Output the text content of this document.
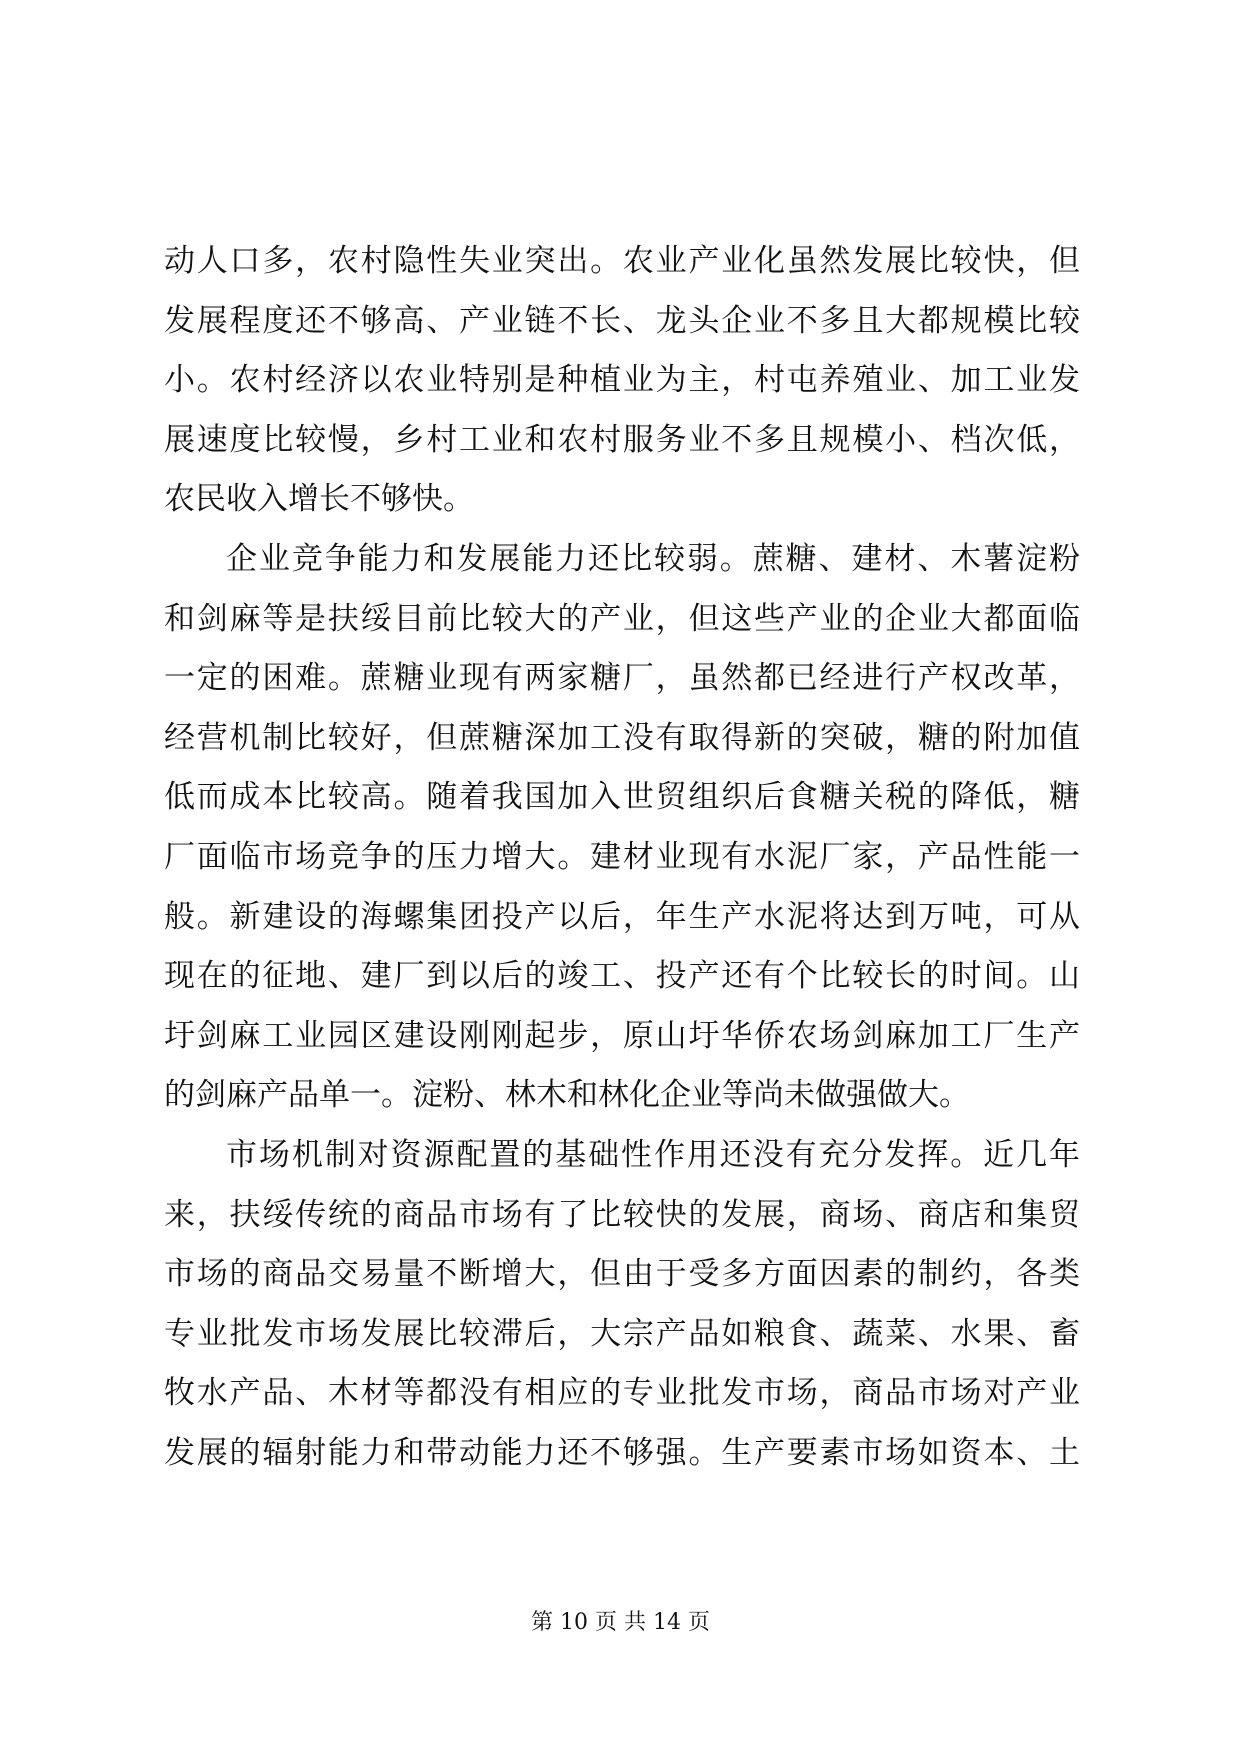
动人口多，农村隐性失业突出。农业产业化虽然发展比较快，但
发展程度还不够高、产业链不长、龙头企业不多且大都规模比较
小。农村经济以农业特别是种植业为主，村屯养殖业、加工业发
展速度比较慢，乡村工业和农村服务业不多且规模小、档次低，
农民收入增长不够快。
企业竞争能力和发展能力还比较弱。蔗糖、建材、木薯淀粉
和剑麻等是扶绥目前比较大的产业，但这些产业的企业大都面临
一定的困难。蔗糖业现有两家糖厂，虽然都已经进行产权改革，
经营机制比较好，但蔗糖深加工没有取得新的突破，糖的附加值
低而成本比较高。随着我国加入世贸组织后食糖关税的降低，糖
厂面临市场竞争的压力增大。建材业现有水泥厂家，产品性能一
般。新建设的海螺集团投产以后，年生产水泥将达到万吨，可从
现在的征地、建厂到以后的竣工、投产还有个比较长的时间。山
圩剑麻工业园区建设刚刚起步，原山圩华侨农场剑麻加工厂生产
的剑麻产品单一。淀粉、林木和林化企业等尚未做强做大。
市场机制对资源配置的基础性作用还没有充分发挥。近几年
来，扶绥传统的商品市场有了比较快的发展，商场、商店和集贸
市场的商品交易量不断增大，但由于受多方面因素的制约，各类
专业批发市场发展比较滞后，大宗产品如粮食、蔬菜、水果、畜
牧水产品、木材等都没有相应的专业批发市场，商品市场对产业
发展的辐射能力和带动能力还不够强。生产要素市场如资本、土
第 10 页 共 14 页
